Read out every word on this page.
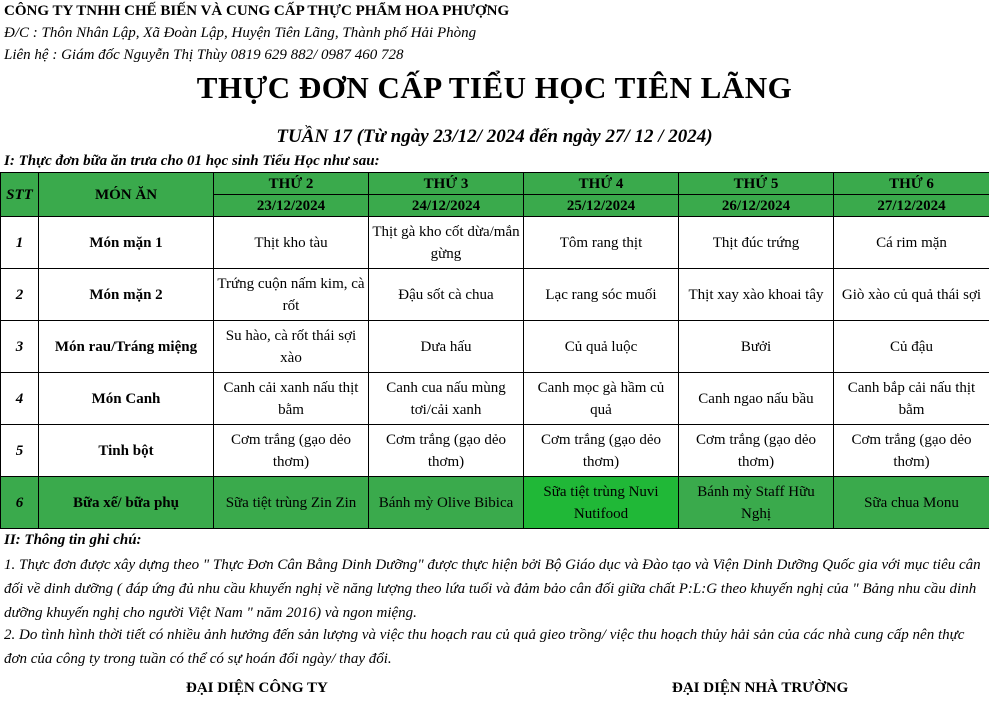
CÔNG TY TNHH CHẾ BIẾN VÀ CUNG CẤP THỰC PHẨM HOA PHƯỢNG
Đ/C : Thôn Nhân Lập, Xã Đoàn Lập, Huyện Tiên Lãng, Thành phố Hải Phòng
Liên hệ : Giám đốc Nguyễn Thị Thùy 0819 629 882/ 0987 460 728
THỰC ĐƠN CẤP TIỂU HỌC TIÊN LÃNG
TUẦN 17 (Từ ngày 23/12/ 2024 đến ngày 27/ 12 / 2024)
I: Thực đơn bữa ăn trưa cho 01 học sinh Tiểu Học như sau:
STT	MÓN ĂN	THỨ 2	THỨ 3	THỨ 4	THỨ 5	THỨ 6
		23/12/2024	24/12/2024	25/12/2024	26/12/2024	27/12/2024
1	Món mặn 1	Thịt kho tàu	Thịt gà kho cốt dừa/mắn gừng	Tôm rang thịt	Thịt đúc trứng	Cá rim mặn
2	Món mặn 2	Trứng cuộn nấm kim, cà rốt	Đậu sốt cà chua	Lạc rang sóc muối	Thịt xay xào khoai tây	Giò xào củ quả thái sợi
3	Món rau/Tráng miệng	Su hào, cà rốt thái sợi xào	Dưa hấu	Củ quả luộc	Bưởi	Củ đậu
4	Món Canh	Canh cải xanh nấu thịt bằm	Canh cua nấu mùng tơi/cải xanh	Canh mọc gà hầm củ quả	Canh ngao nấu bầu	Canh bắp cải nấu thịt bằm
5	Tinh bột	Cơm trắng (gạo dẻo thơm)	Cơm trắng (gạo dẻo thơm)	Cơm trắng (gạo dẻo thơm)	Cơm trắng (gạo dẻo thơm)	Cơm trắng (gạo dẻo thơm)
6	Bữa xế/ bữa phụ	Sữa tiệt trùng Zin Zin	Bánh mỳ Olive Bibica	Sữa tiệt trùng Nuvi Nutifood	Bánh mỳ Staff Hữu Nghị	Sữa chua Monu
II: Thông tin ghi chú:
1. Thực đơn được xây dựng theo " Thực Đơn Cân Bằng Dinh Dưỡng" được thực hiện bởi Bộ Giáo dục và Đào tạo và Viện Dinh Dưỡng Quốc gia với mục tiêu cân đối về dinh dưỡng ( đáp ứng đủ nhu cầu khuyến nghị về năng lượng theo lứa tuổi và đảm bảo cân đối giữa chất P:L:G theo khuyến nghị của " Bảng nhu cầu dinh dưỡng khuyến nghị cho người Việt Nam " năm 2016) và ngon miệng.
2. Do tình hình thời tiết có nhiều ảnh hưởng đến sản lượng và việc thu hoạch rau củ quả gieo trồng/ việc thu hoạch thủy hải sản của các nhà cung cấp nên thực đơn của công ty trong tuần có thể có sự hoán đổi ngày/ thay đổi.
ĐẠI DIỆN CÔNG TY	ĐẠI DIỆN NHÀ TRƯỜNG
